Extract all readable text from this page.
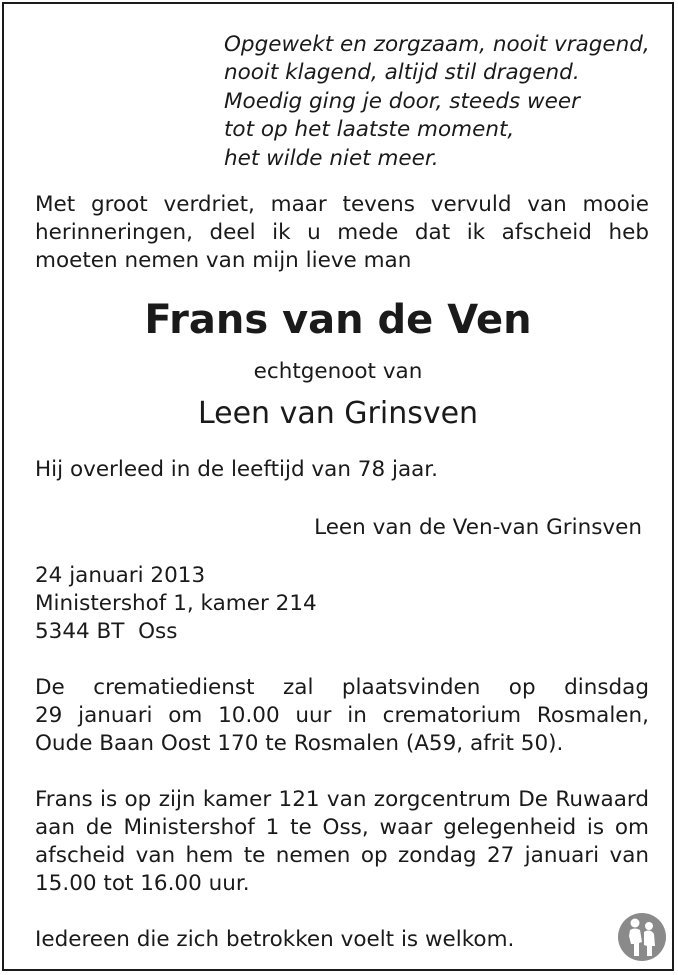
Opgewekt en zorgzaam, nooit vragend,
nooit klagend, altijd stil dragend.
Moedig ging je door, steeds weer
tot op het laatste moment,
het wilde niet meer.
Met groot verdriet, maar tevens vervuld van mooie
herinneringen, deel ik u mede dat ik afscheid heb
moeten nemen van mijn lieve man
Frans van de Ven
echtgenoot van
Leen van Grinsven
Hij overleed in de leeftijd van 78 jaar.
Leen van de Ven-van Grinsven
24 januari 2013
Ministershof 1, kamer 214
5344 BT  Oss
De crematiedienst zal plaatsvinden op dinsdag
29 januari om 10.00 uur in crematorium Rosmalen,
Oude Baan Oost 170 te Rosmalen (A59, afrit 50).
Frans is op zijn kamer 121 van zorgcentrum De Ruwaard
aan de Ministershof 1 te Oss, waar gelegenheid is om
afscheid van hem te nemen op zondag 27 januari van
15.00 tot 16.00 uur.
Iedereen die zich betrokken voelt is welkom.
